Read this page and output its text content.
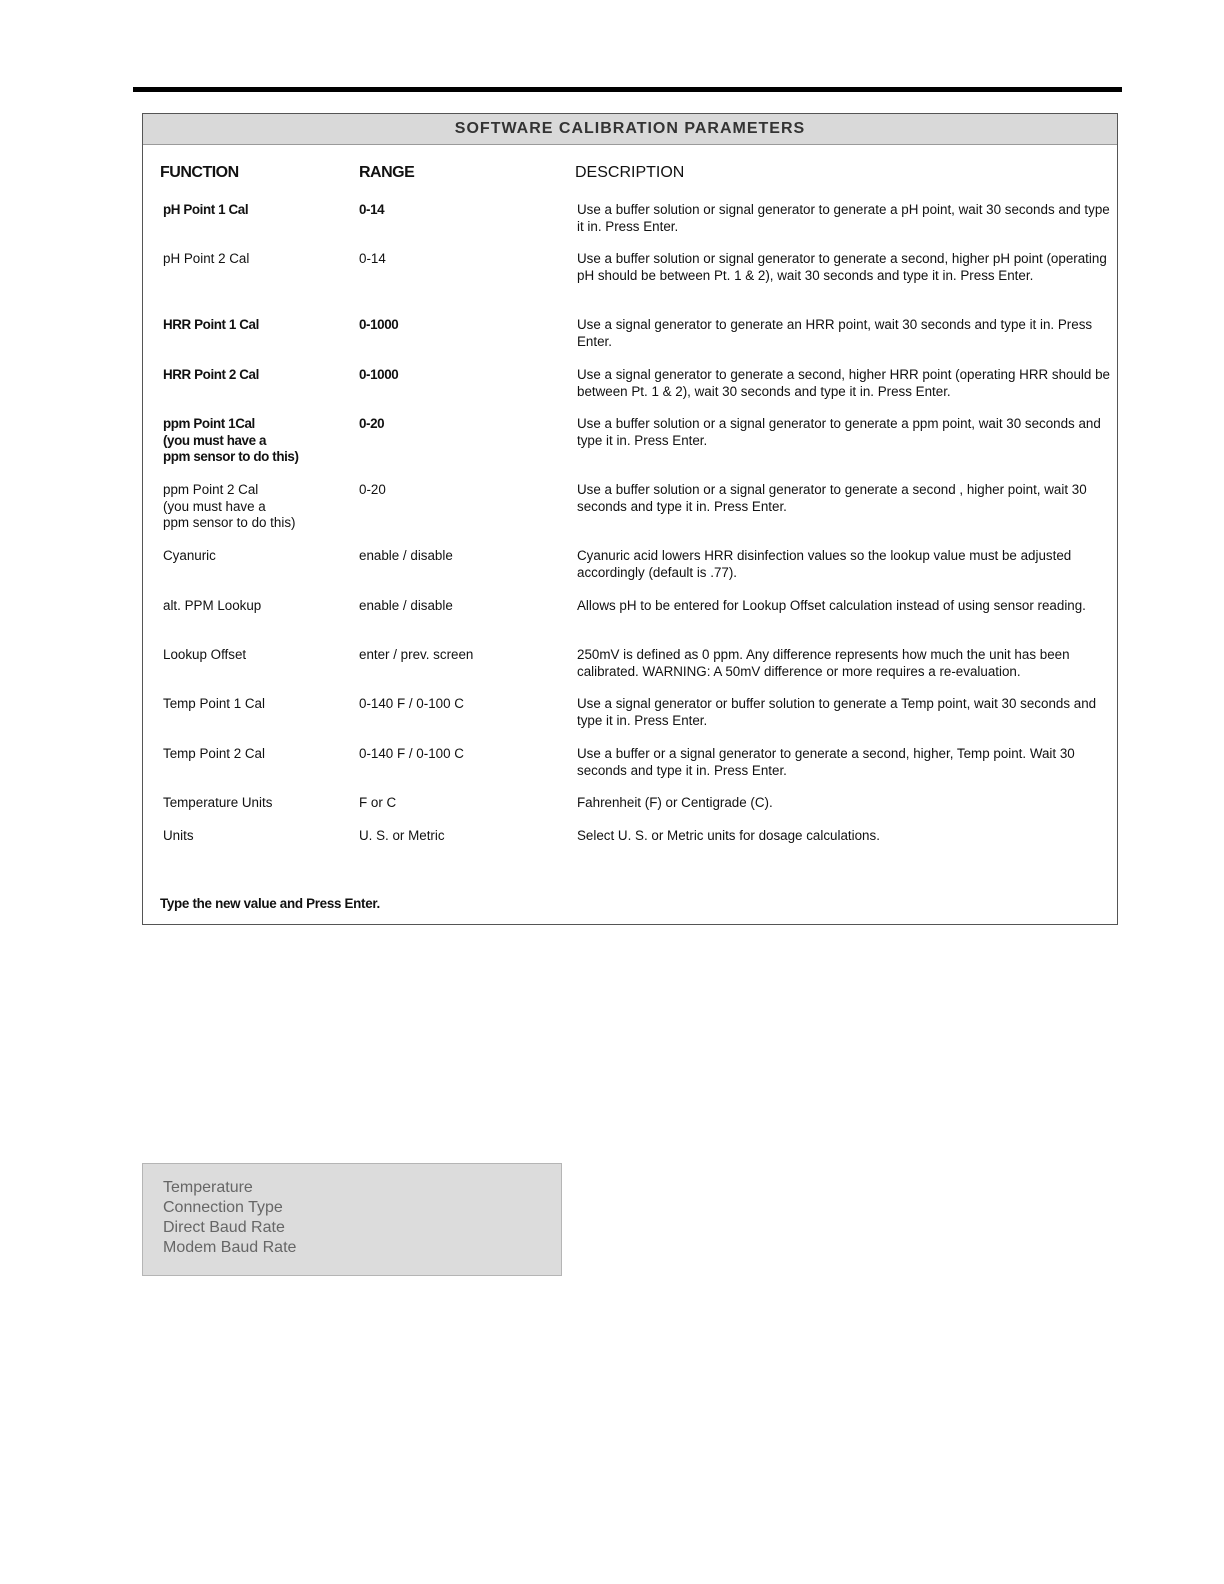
SOFTWARE CALIBRATION PARAMETERS
FUNCTION	RANGE	DESCRIPTION
pH Point 1 Cal	0-14	Use a buffer solution or signal generator to generate a pH point, wait 30 seconds and type it in. Press Enter.
pH Point 2 Cal	0-14	Use a buffer solution or signal generator to generate a second, higher pH point (operating pH should be between Pt. 1 & 2), wait 30 seconds and type it in. Press Enter.
HRR Point 1 Cal	0-1000	Use a signal generator to generate an HRR point, wait 30 seconds and type it in. Press Enter.
HRR Point 2 Cal	0-1000	Use a signal generator to generate a second, higher HRR point (operating HRR should be between Pt. 1 & 2), wait 30 seconds and type it in. Press Enter.
ppm Point 1Cal
(you must have a
ppm sensor to do this)
0-20	Use a buffer solution or a signal generator to generate a ppm point, wait 30 seconds and type it in. Press Enter.
ppm Point 2 Cal
(you must have a
ppm sensor to do this)
0-20	Use a buffer solution or a signal generator to generate a second , higher point, wait 30 seconds and type it in. Press Enter.
Cyanuric	enable / disable	Cyanuric acid lowers HRR disinfection values so the lookup value must be adjusted accordingly (default is .77).
alt. PPM Lookup	enable / disable	Allows pH to be entered for Lookup Offset calculation instead of using sensor reading.
Lookup Offset	enter / prev. screen	250mV is defined as 0 ppm. Any difference represents how much the unit has been calibrated. WARNING: A 50mV difference or more requires a re-evaluation.
Temp Point 1 Cal	0-140 F / 0-100 C	Use a signal generator or buffer solution to generate a Temp point, wait 30 seconds and type it in. Press Enter.
Temp Point 2 Cal	0-140 F / 0-100 C	Use a buffer or a signal generator to generate a second, higher, Temp point. Wait 30 seconds and type it in. Press Enter.
Temperature Units	F or C	Fahrenheit (F) or Centigrade (C).
Units	U. S. or Metric	Select U. S. or Metric units for dosage calculations.
Type the new value and Press Enter.
Temperature
Connection Type
Direct Baud Rate
Modem Baud Rate
